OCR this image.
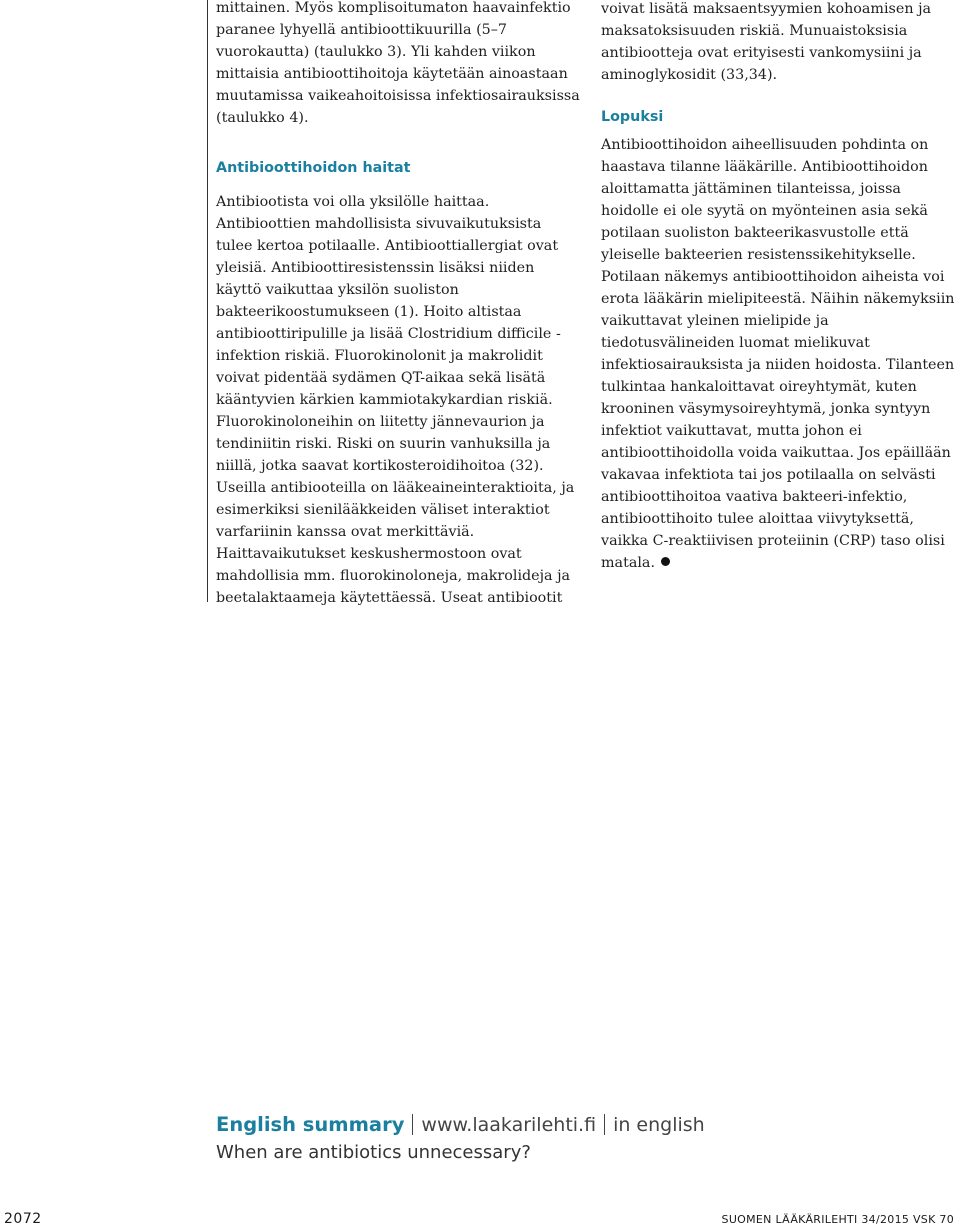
mittainen. Myös komplisoitumaton haavainfektio paranee lyhyellä antibioottikuurilla (5–7 vuorokautta) (taulukko 3). Yli kahden viikon mittaisia antibioottihoitoja käytetään ainoastaan muutamissa vaikeahoitoisissa infektiosairauksissa (taulukko 4).

Antibioottihoidon haitat

Antibiootista voi olla yksilölle haittaa. Antibioottien mahdollisista sivuvaikutuksista tulee kertoa potilaalle. Antibioottiallergiat ovat yleisiä. Antibioottiresistenssin lisäksi niiden käyttö vaikuttaa yksilön suoliston bakteerikoostumukseen (1). Hoito altistaa antibioottiripulille ja lisää Clostridium difficile -infektion riskiä. Fluorokinolonit ja makrolidit voivat pidentää sydämen QT-aikaa sekä lisätä kääntyvien kärkien kammiotakykardian riskiä. Fluorokinoloneihin on liitetty jännevaurion ja tendiniitin riski. Riski on suurin vanhuksilla ja niillä, jotka saavat kortikosteroidihoitoa (32). Useilla antibiooteilla on lääkeaineinteraktioita, ja esimerkiksi sienilääkkeiden väliset interaktiot varfariinin kanssa ovat merkittäviä. Haittavaikutukset keskushermostoon ovat mahdollisia mm. fluorokinoloneja, makrolideja ja beetalaktaameja käytettäessä. Useat antibiootit

voivat lisätä maksaentsyymien kohoamisen ja maksatoksisuuden riskiä. Munuaistoksisia antibiootteja ovat erityisesti vankomysiini ja aminoglykosidit (33,34).

Lopuksi

Antibioottihoidon aiheellisuuden pohdinta on haastava tilanne lääkärille. Antibioottihoidon aloittamatta jättäminen tilanteissa, joissa hoidolle ei ole syytä on myönteinen asia sekä potilaan suoliston bakteerikasvustolle että yleiselle bakteerien resistenssikehitykselle. Potilaan näkemys antibioottihoidon aiheista voi erota lääkärin mielipiteestä. Näihin näkemyksiin vaikuttavat yleinen mielipide ja tiedotusvälineiden luomat mielikuvat infektiosairauksista ja niiden hoidosta. Tilanteen tulkintaa hankaloittavat oireyhtymät, kuten krooninen väsymysoireyhtymä, jonka syntyyn infektiot vaikuttavat, mutta johon ei antibioottihoidolla voida vaikuttaa. Jos epäillään vakavaa infektiota tai jos potilaalla on selvästi antibioottihoitoa vaativa bakteeri-infektio, antibioottihoito tulee aloittaa viivytyksettä, vaikka C-reaktiivisen proteiinin (CRP) taso olisi matala.

English summary www.laakarilehti.fi in english
When are antibiotics unnecessary?
2072	SUOMEN LÄÄKÄRILEHTI 34/2015 VSK 70
